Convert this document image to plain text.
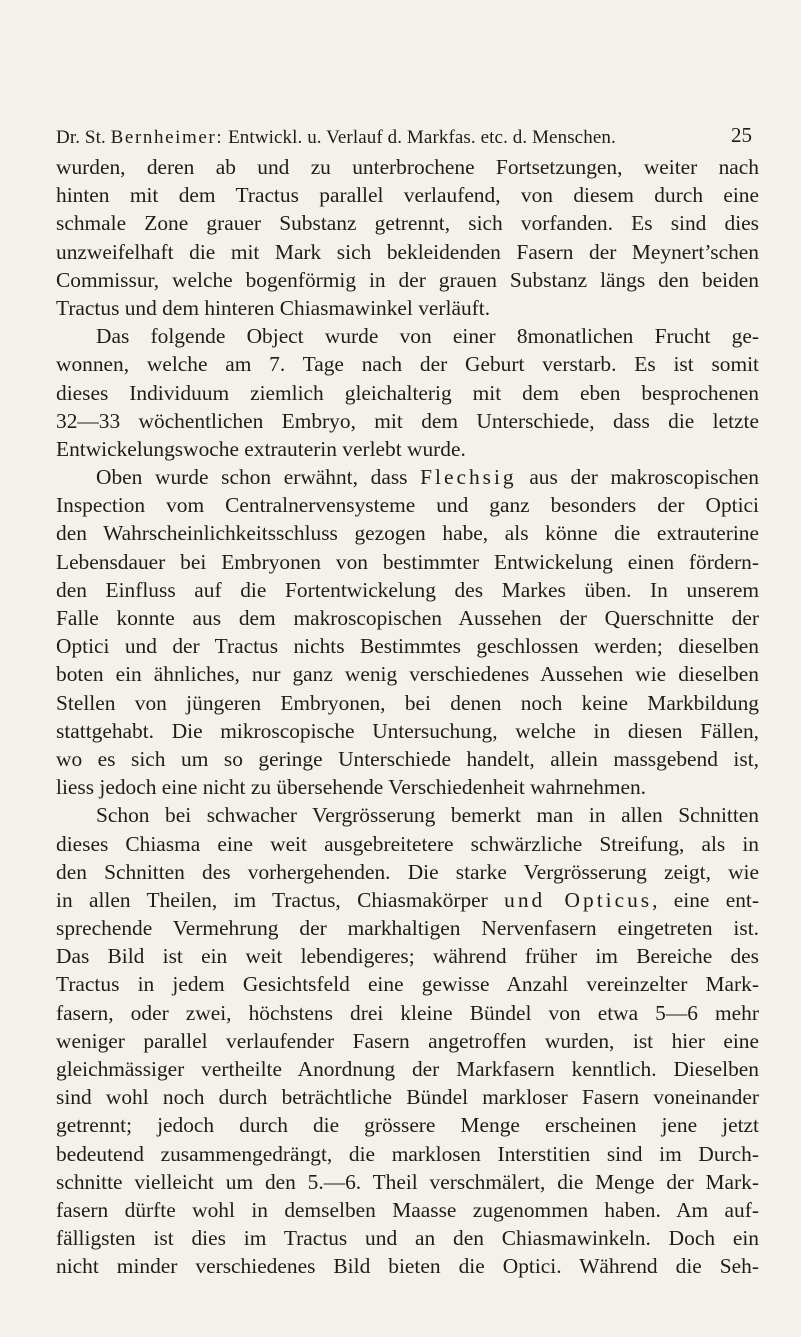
Dr. St. Bernheimer: Entwickl. u. Verlauf d. Markfas. etc. d. Menschen.	25
wurden, deren ab und zu unterbrochene Fortsetzungen, weiter nach
hinten mit dem Tractus parallel verlaufend, von diesem durch eine
schmale Zone grauer Substanz getrennt, sich vorfanden. Es sind dies
unzweifelhaft die mit Mark sich bekleidenden Fasern der Meynert’schen
Commissur, welche bogenförmig in der grauen Substanz längs den beiden
Tractus und dem hinteren Chiasmawinkel verläuft.
Das folgende Object wurde von einer 8monatlichen Frucht ge-
wonnen, welche am 7. Tage nach der Geburt verstarb. Es ist somit
dieses Individuum ziemlich gleichalterig mit dem eben besprochenen
32—33 wöchentlichen Embryo, mit dem Unterschiede, dass die letzte
Entwickelungswoche extrauterin verlebt wurde.
Oben wurde schon erwähnt, dass Flechsig aus der makroscopischen
Inspection vom Centralnervensysteme und ganz besonders der Optici
den Wahrscheinlichkeitsschluss gezogen habe, als könne die extrauterine
Lebensdauer bei Embryonen von bestimmter Entwickelung einen fördern-
den Einfluss auf die Fortentwickelung des Markes üben. In unserem
Falle konnte aus dem makroscopischen Aussehen der Querschnitte der
Optici und der Tractus nichts Bestimmtes geschlossen werden; dieselben
boten ein ähnliches, nur ganz wenig verschiedenes Aussehen wie dieselben
Stellen von jüngeren Embryonen, bei denen noch keine Markbildung
stattgehabt. Die mikroscopische Untersuchung, welche in diesen Fällen,
wo es sich um so geringe Unterschiede handelt, allein massgebend ist,
liess jedoch eine nicht zu übersehende Verschiedenheit wahrnehmen.
Schon bei schwacher Vergrösserung bemerkt man in allen Schnitten
dieses Chiasma eine weit ausgebreitetere schwärzliche Streifung, als in
den Schnitten des vorhergehenden. Die starke Vergrösserung zeigt, wie
in allen Theilen, im Tractus, Chiasmakörper und Opticus, eine ent-
sprechende Vermehrung der markhaltigen Nervenfasern eingetreten ist.
Das Bild ist ein weit lebendigeres; während früher im Bereiche des
Tractus in jedem Gesichtsfeld eine gewisse Anzahl vereinzelter Mark-
fasern, oder zwei, höchstens drei kleine Bündel von etwa 5—6 mehr
weniger parallel verlaufender Fasern angetroffen wurden, ist hier eine
gleichmässiger vertheilte Anordnung der Markfasern kenntlich. Dieselben
sind wohl noch durch beträchtliche Bündel markloser Fasern voneinander
getrennt; jedoch durch die grössere Menge erscheinen jene jetzt
bedeutend zusammengedrängt, die marklosen Interstitien sind im Durch-
schnitte vielleicht um den 5.—6. Theil verschmälert, die Menge der Mark-
fasern dürfte wohl in demselben Maasse zugenommen haben. Am auf-
fälligsten ist dies im Tractus und an den Chiasmawinkeln. Doch ein
nicht minder verschiedenes Bild bieten die Optici. Während die Seh-
